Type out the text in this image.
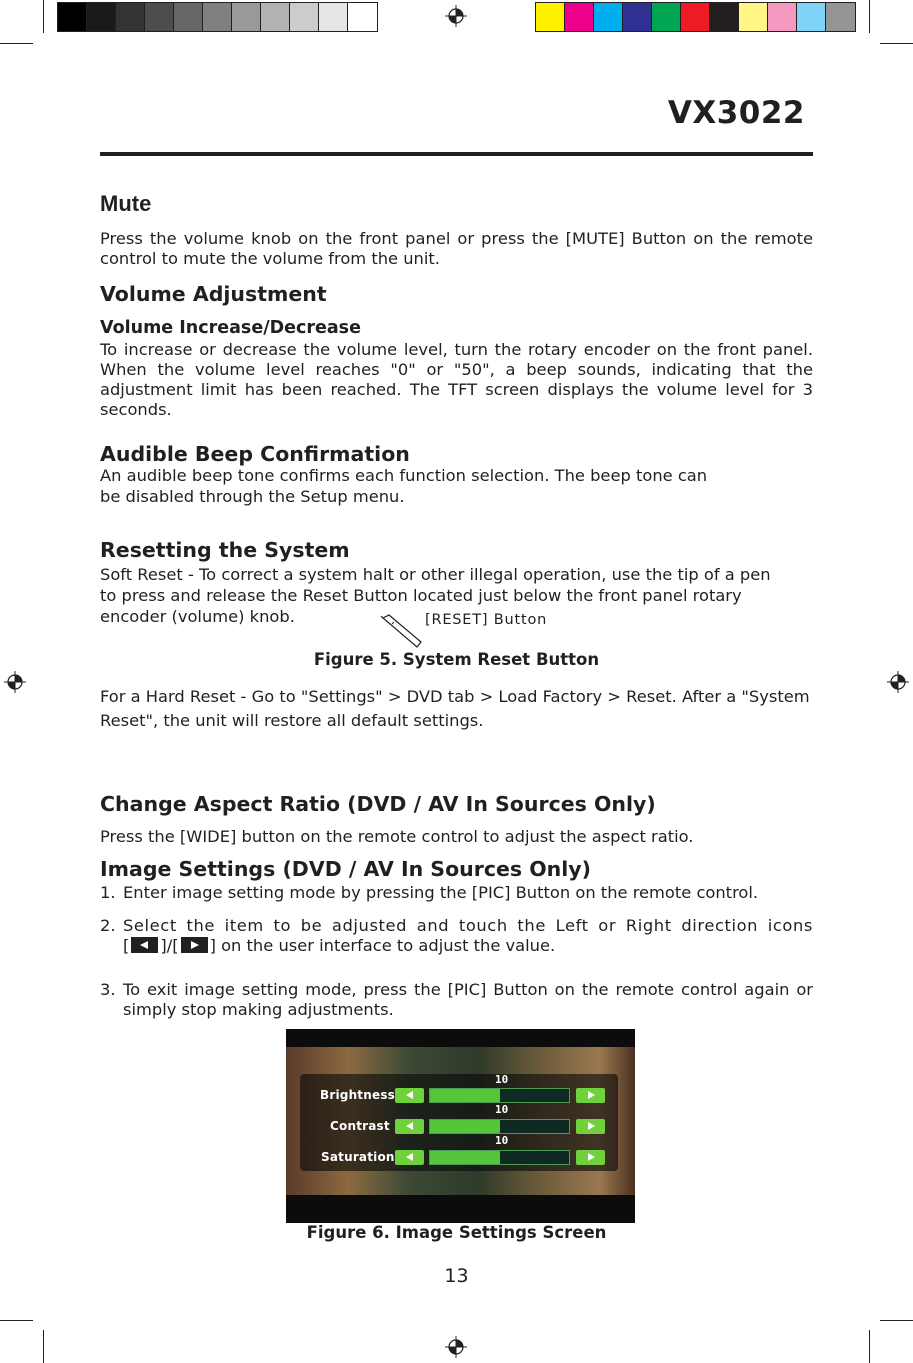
VX3022
Mute
Press the volume knob on the front panel or press the [MUTE] Button on the remote control to mute the volume from the unit.
Volume Adjustment
Volume Increase/Decrease
To increase or decrease the volume level, turn the rotary encoder on the front panel. When the volume level reaches "0" or "50", a beep sounds, indicating that the adjustment limit has been reached. The TFT screen displays the volume level for 3 seconds.
Audible Beep Confirmation
An audible beep tone confirms each function selection. The beep tone can
be disabled through the Setup menu.
Resetting the System
Soft Reset - To correct a system halt or other illegal operation, use the tip of a pen
to press and release the Reset Button located just below the front panel rotary
encoder (volume) knob.	[RESET] Button
Figure 5. System Reset Button
For a Hard Reset - Go to "Settings" > DVD tab > Load Factory > Reset. After a "System
Reset", the unit will restore all default settings.
Change Aspect Ratio (DVD / AV In Sources Only)
Press the [WIDE] button on the remote control to adjust the aspect ratio.
Image Settings (DVD / AV In Sources Only)
1. Enter image setting mode by pressing the [PIC] Button on the remote control.
2. Select the item to be adjusted and touch the Left or Right direction icons
[ ]/[ ] on the user interface to adjust the value.
3. To exit image setting mode, press the [PIC] Button on the remote control again or simply stop making adjustments.
10
Brightness
10
Contrast
10
Saturation
Figure 6. Image Settings Screen
13
